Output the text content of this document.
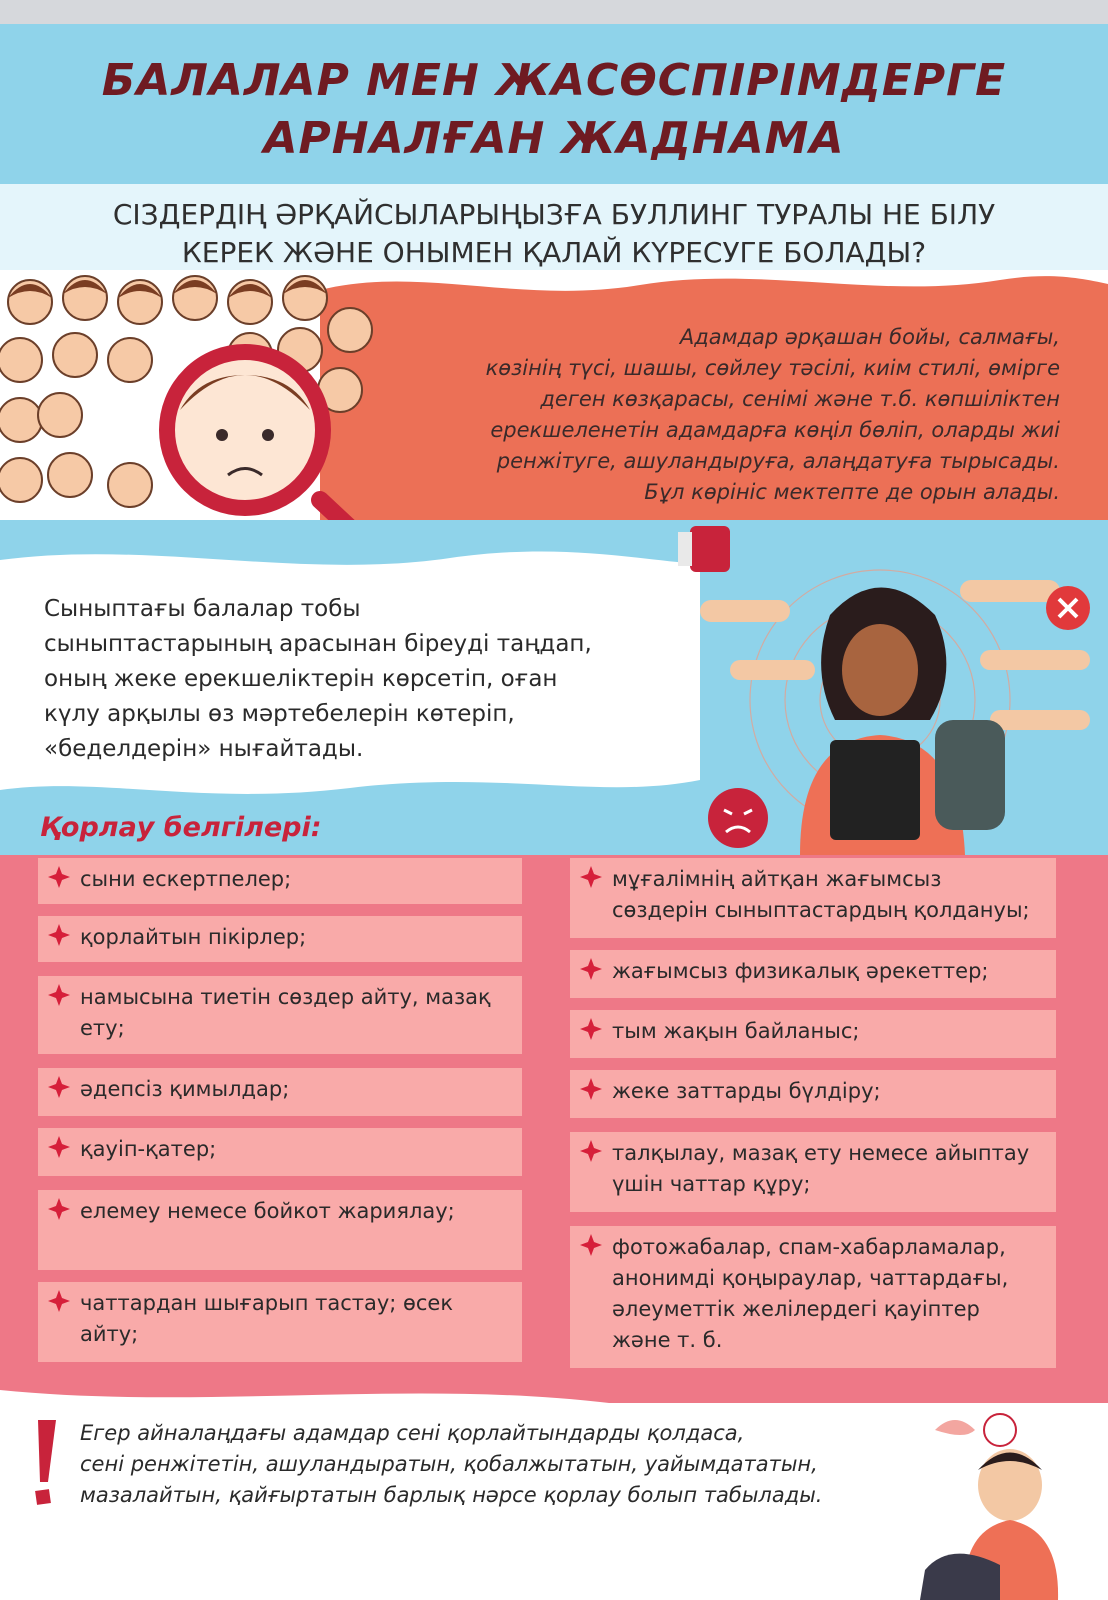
БАЛАЛАР МЕН ЖАСӨСПІРІМДЕРГЕ
АРНАЛҒАН ЖАДНАМА
СІЗДЕРДІҢ ӘРҚАЙСЫЛАРЫҢЫЗҒА БУЛЛИНГ ТУРАЛЫ НЕ БІЛУ
КЕРЕК ЖӘНЕ ОНЫМЕН ҚАЛАЙ КҮРЕСУГЕ БОЛАДЫ?
Адамдар әрқашан бойы, салмағы,
көзінің түсі, шашы, сөйлеу тәсілі, киім стилі, өмірге
деген көзқарасы, сенімі және т.б. көпшіліктен
ерекшеленетін адамдарға көңіл бөліп, оларды жиі
ренжітуге, ашуландыруға, алаңдатуға тырысады.
Бұл көрініс мектепте де орын алады.
Сыныптағы балалар тобы
сыныптастарының арасынан біреуді таңдап,
оның жеке ерекшеліктерін көрсетіп, оған
күлу арқылы өз мәртебелерін көтеріп,
«беделдерін» нығайтады.
Қорлау белгілері:
сыни ескертпелер;
қорлайтын пікірлер;
намысына тиетін сөздер айту, мазақ ету;
әдепсіз қимылдар;
қауіп-қатер;
елемеу немесе бойкот жариялау;
чаттардан шығарып тастау; өсек айту;
мұғалімнің айтқан жағымсыз сөздерін сыныптастардың қолдануы;
жағымсыз физикалық әрекеттер;
тым жақын байланыс;
жеке заттарды бүлдіру;
талқылау, мазақ ету немесе айыптау үшін чаттар құру;
фотожабалар, спам-хабарламалар, анонимді қоңыраулар, чаттардағы, әлеуметтік желілердегі қауіптер және т. б.
Егер айналаңдағы адамдар сені қорлайтындарды қолдаса,
сені ренжітетін, ашуландыратын, қобалжытатын, уайымдататын,
мазалайтын, қайғыртатын барлық нәрсе қорлау болып табылады.
